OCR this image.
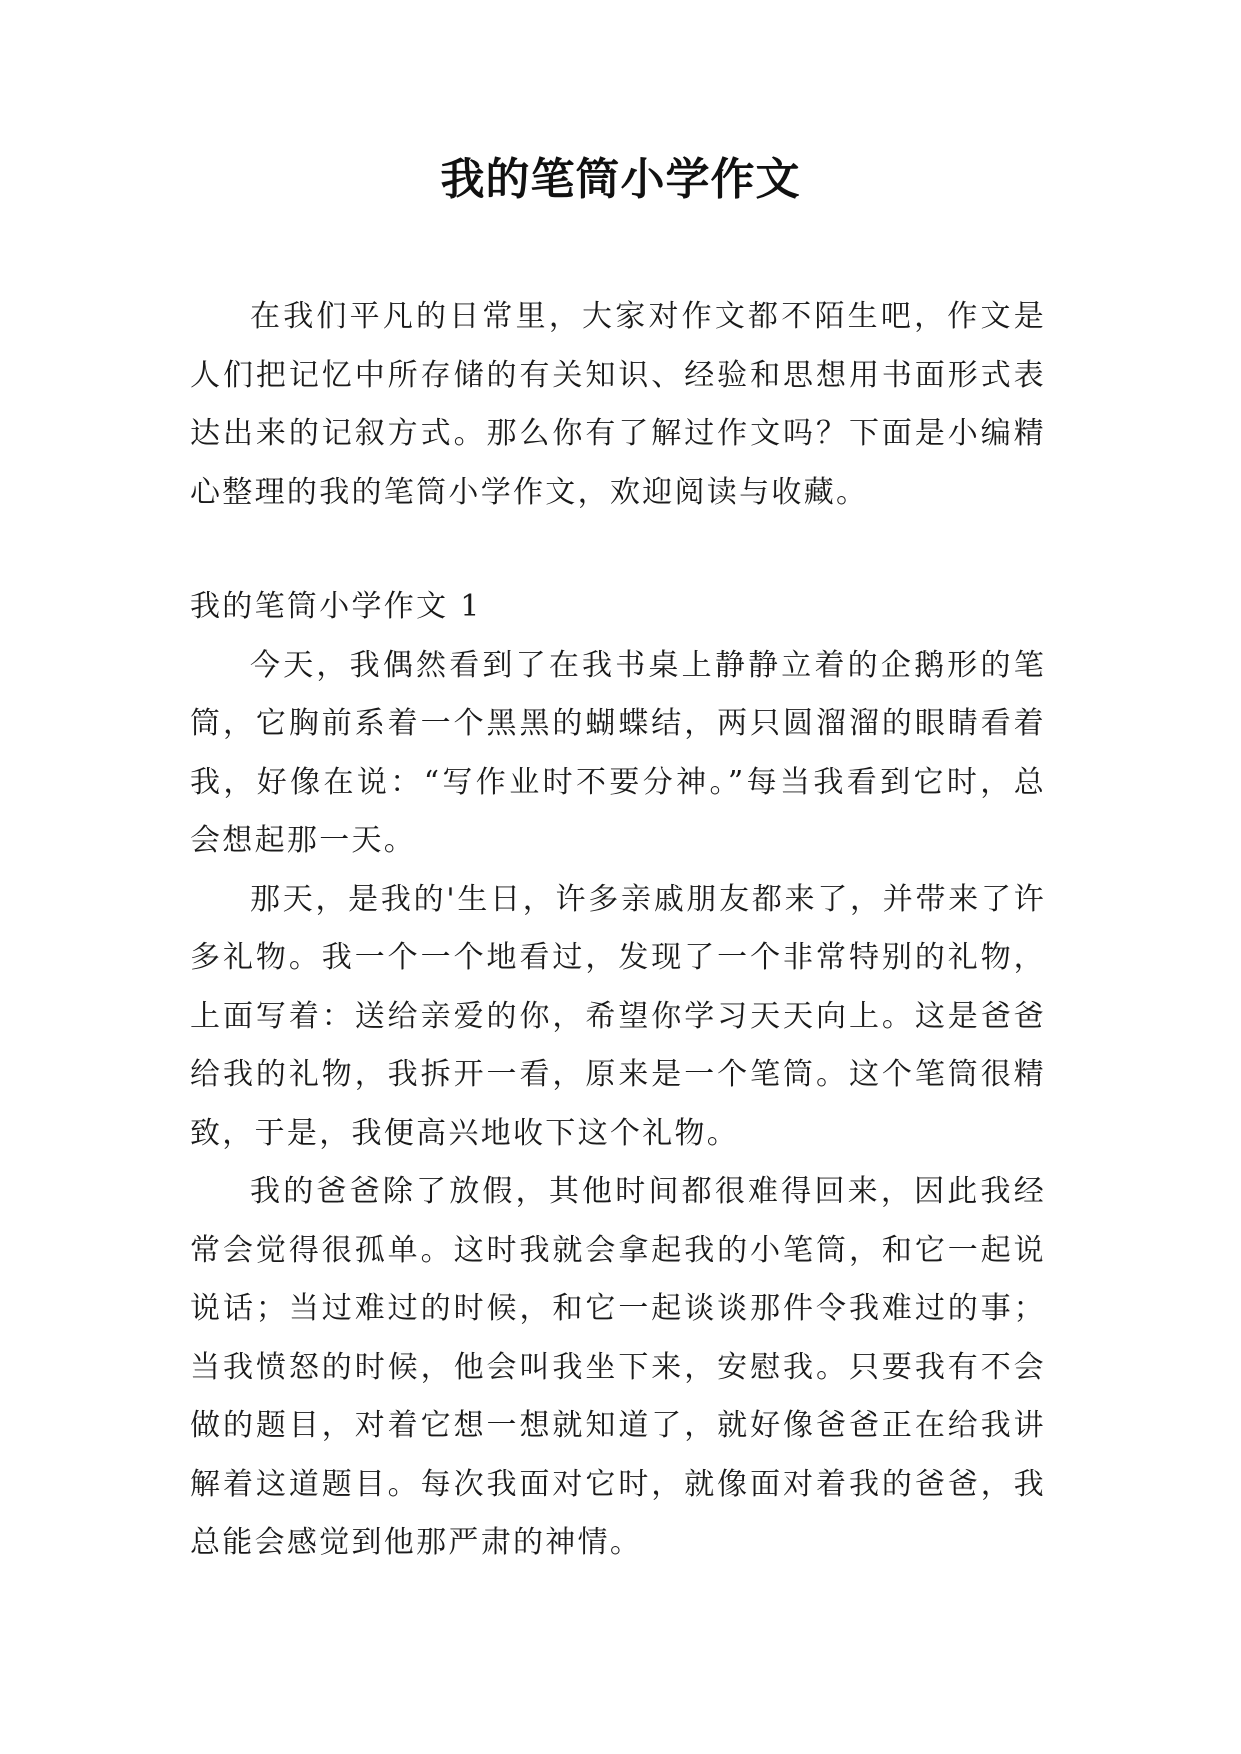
我的笔筒小学作文

在我们平凡的日常里，大家对作文都不陌生吧，作文是人们把记忆中所存储的有关知识、经验和思想用书面形式表达出来的记叙方式。那么你有了解过作文吗？下面是小编精心整理的我的笔筒小学作文，欢迎阅读与收藏。

我的笔筒小学作文 1

今天，我偶然看到了在我书桌上静静立着的企鹅形的笔筒，它胸前系着一个黑黑的蝴蝶结，两只圆溜溜的眼睛看着我，好像在说：“写作业时不要分神。”每当我看到它时，总会想起那一天。

那天，是我的'生日，许多亲戚朋友都来了，并带来了许多礼物。我一个一个地看过，发现了一个非常特别的礼物，上面写着：送给亲爱的你，希望你学习天天向上。这是爸爸给我的礼物，我拆开一看，原来是一个笔筒。这个笔筒很精致，于是，我便高兴地收下这个礼物。

我的爸爸除了放假，其他时间都很难得回来，因此我经常会觉得很孤单。这时我就会拿起我的小笔筒，和它一起说说话；当过难过的时候，和它一起谈谈那件令我难过的事；当我愤怒的时候，他会叫我坐下来，安慰我。只要我有不会做的题目，对着它想一想就知道了，就好像爸爸正在给我讲解着这道题目。每次我面对它时，就像面对着我的爸爸，我总能会感觉到他那严肃的神情。
